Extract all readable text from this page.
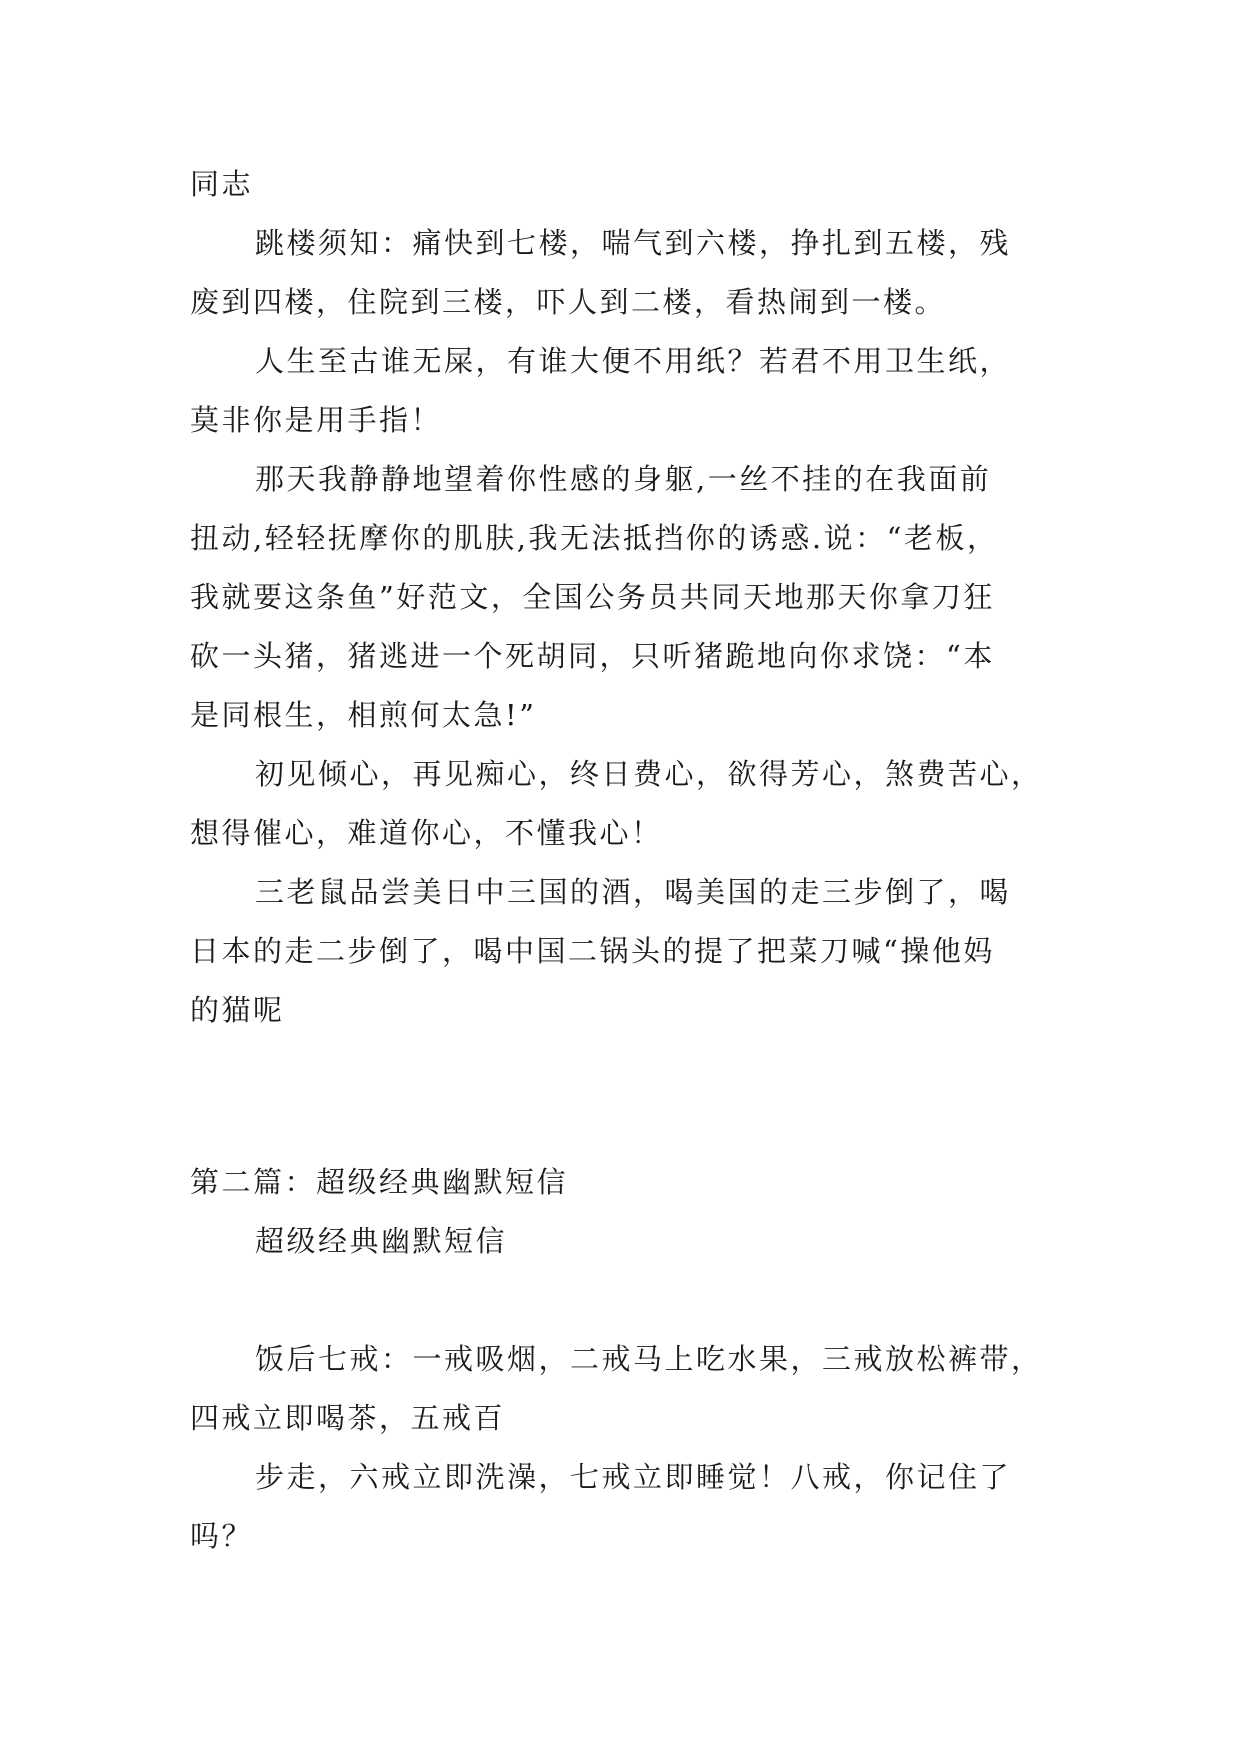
同志
跳楼须知：痛快到七楼，喘气到六楼，挣扎到五楼，残
废到四楼，住院到三楼，吓人到二楼，看热闹到一楼。
人生至古谁无屎，有谁大便不用纸？若君不用卫生纸，
莫非你是用手指！
那天我静静地望着你性感的身躯,一丝不挂的在我面前
扭动,轻轻抚摩你的肌肤,我无法抵挡你的诱惑.说：“老板，
我就要这条鱼”好范文，全国公务员共同天地那天你拿刀狂
砍一头猪，猪逃进一个死胡同，只听猪跪地向你求饶：“本
是同根生，相煎何太急!”
初见倾心，再见痴心，终日费心，欲得芳心，煞费苦心，
想得催心，难道你心，不懂我心！
三老鼠品尝美日中三国的酒，喝美国的走三步倒了，喝
日本的走二步倒了，喝中国二锅头的提了把菜刀喊“操他妈
的猫呢
第二篇：超级经典幽默短信
超级经典幽默短信
饭后七戒：一戒吸烟，二戒马上吃水果，三戒放松裤带，
四戒立即喝茶，五戒百
步走，六戒立即洗澡，七戒立即睡觉！八戒，你记住了
吗？
